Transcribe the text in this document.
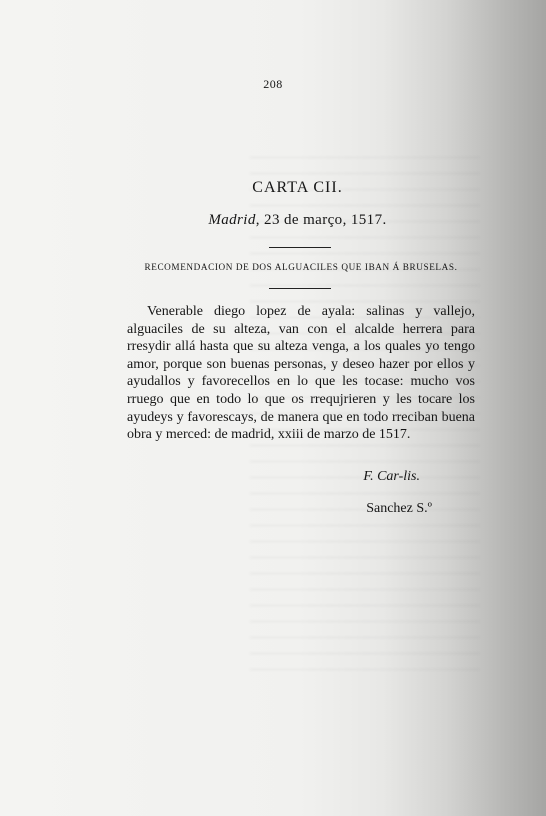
208
CARTA CII.
Madrid, 23 de março, 1517.
RECOMENDACION DE DOS ALGUACILES QUE IBAN Á BRUSELAS.

Venerable diego lopez de ayala: salinas y vallejo, alguaciles de su alteza, van con el alcalde herrera para rresydir allá hasta que su alteza venga, a los quales yo tengo amor, porque son buenas personas, y deseo hazer por ellos y ayudallos y favorecellos en lo que les tocase: mucho vos rruego que en todo lo que os rrequjrieren y les tocare los ayudeys y favorescays, de manera que en todo rreciban buena obra y merced: de madrid, xxiii de marzo de 1517.

F. Car-lis.
Sanchez S.º
